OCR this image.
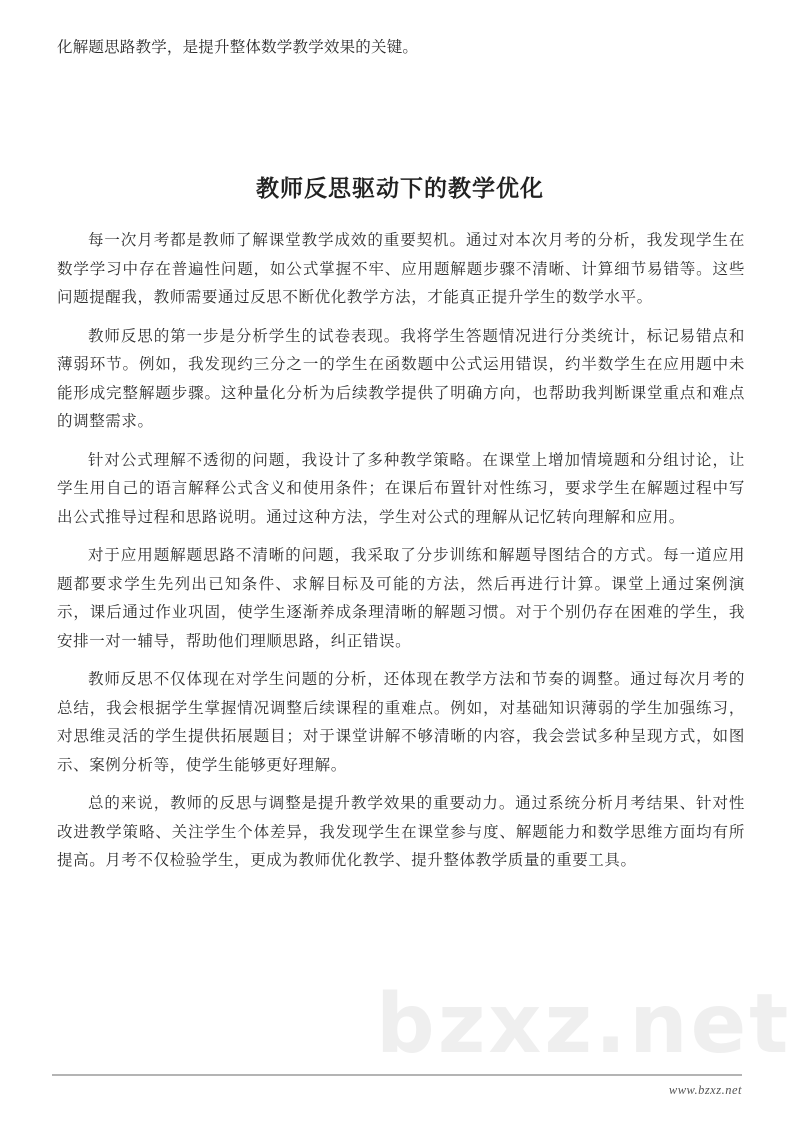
化解题思路教学，是提升整体数学教学效果的关键。
教师反思驱动下的教学优化

每一次月考都是教师了解课堂教学成效的重要契机。通过对本次月考的分析，我发现学生在数学学习中存在普遍性问题，如公式掌握不牢、应用题解题步骤不清晰、计算细节易错等。这些问题提醒我，教师需要通过反思不断优化教学方法，才能真正提升学生的数学水平。

教师反思的第一步是分析学生的试卷表现。我将学生答题情况进行分类统计，标记易错点和薄弱环节。例如，我发现约三分之一的学生在函数题中公式运用错误，约半数学生在应用题中未能形成完整解题步骤。这种量化分析为后续教学提供了明确方向，也帮助我判断课堂重点和难点的调整需求。

针对公式理解不透彻的问题，我设计了多种教学策略。在课堂上增加情境题和分组讨论，让学生用自己的语言解释公式含义和使用条件；在课后布置针对性练习，要求学生在解题过程中写出公式推导过程和思路说明。通过这种方法，学生对公式的理解从记忆转向理解和应用。

对于应用题解题思路不清晰的问题，我采取了分步训练和解题导图结合的方式。每一道应用题都要求学生先列出已知条件、求解目标及可能的方法，然后再进行计算。课堂上通过案例演示，课后通过作业巩固，使学生逐渐养成条理清晰的解题习惯。对于个别仍存在困难的学生，我安排一对一辅导，帮助他们理顺思路，纠正错误。

教师反思不仅体现在对学生问题的分析，还体现在教学方法和节奏的调整。通过每次月考的总结，我会根据学生掌握情况调整后续课程的重难点。例如，对基础知识薄弱的学生加强练习，对思维灵活的学生提供拓展题目；对于课堂讲解不够清晰的内容，我会尝试多种呈现方式，如图示、案例分析等，使学生能够更好理解。

总的来说，教师的反思与调整是提升教学效果的重要动力。通过系统分析月考结果、针对性改进教学策略、关注学生个体差异，我发现学生在课堂参与度、解题能力和数学思维方面均有所提高。月考不仅检验学生，更成为教师优化教学、提升整体教学质量的重要工具。

bzxz.net
www.bzxz.net
